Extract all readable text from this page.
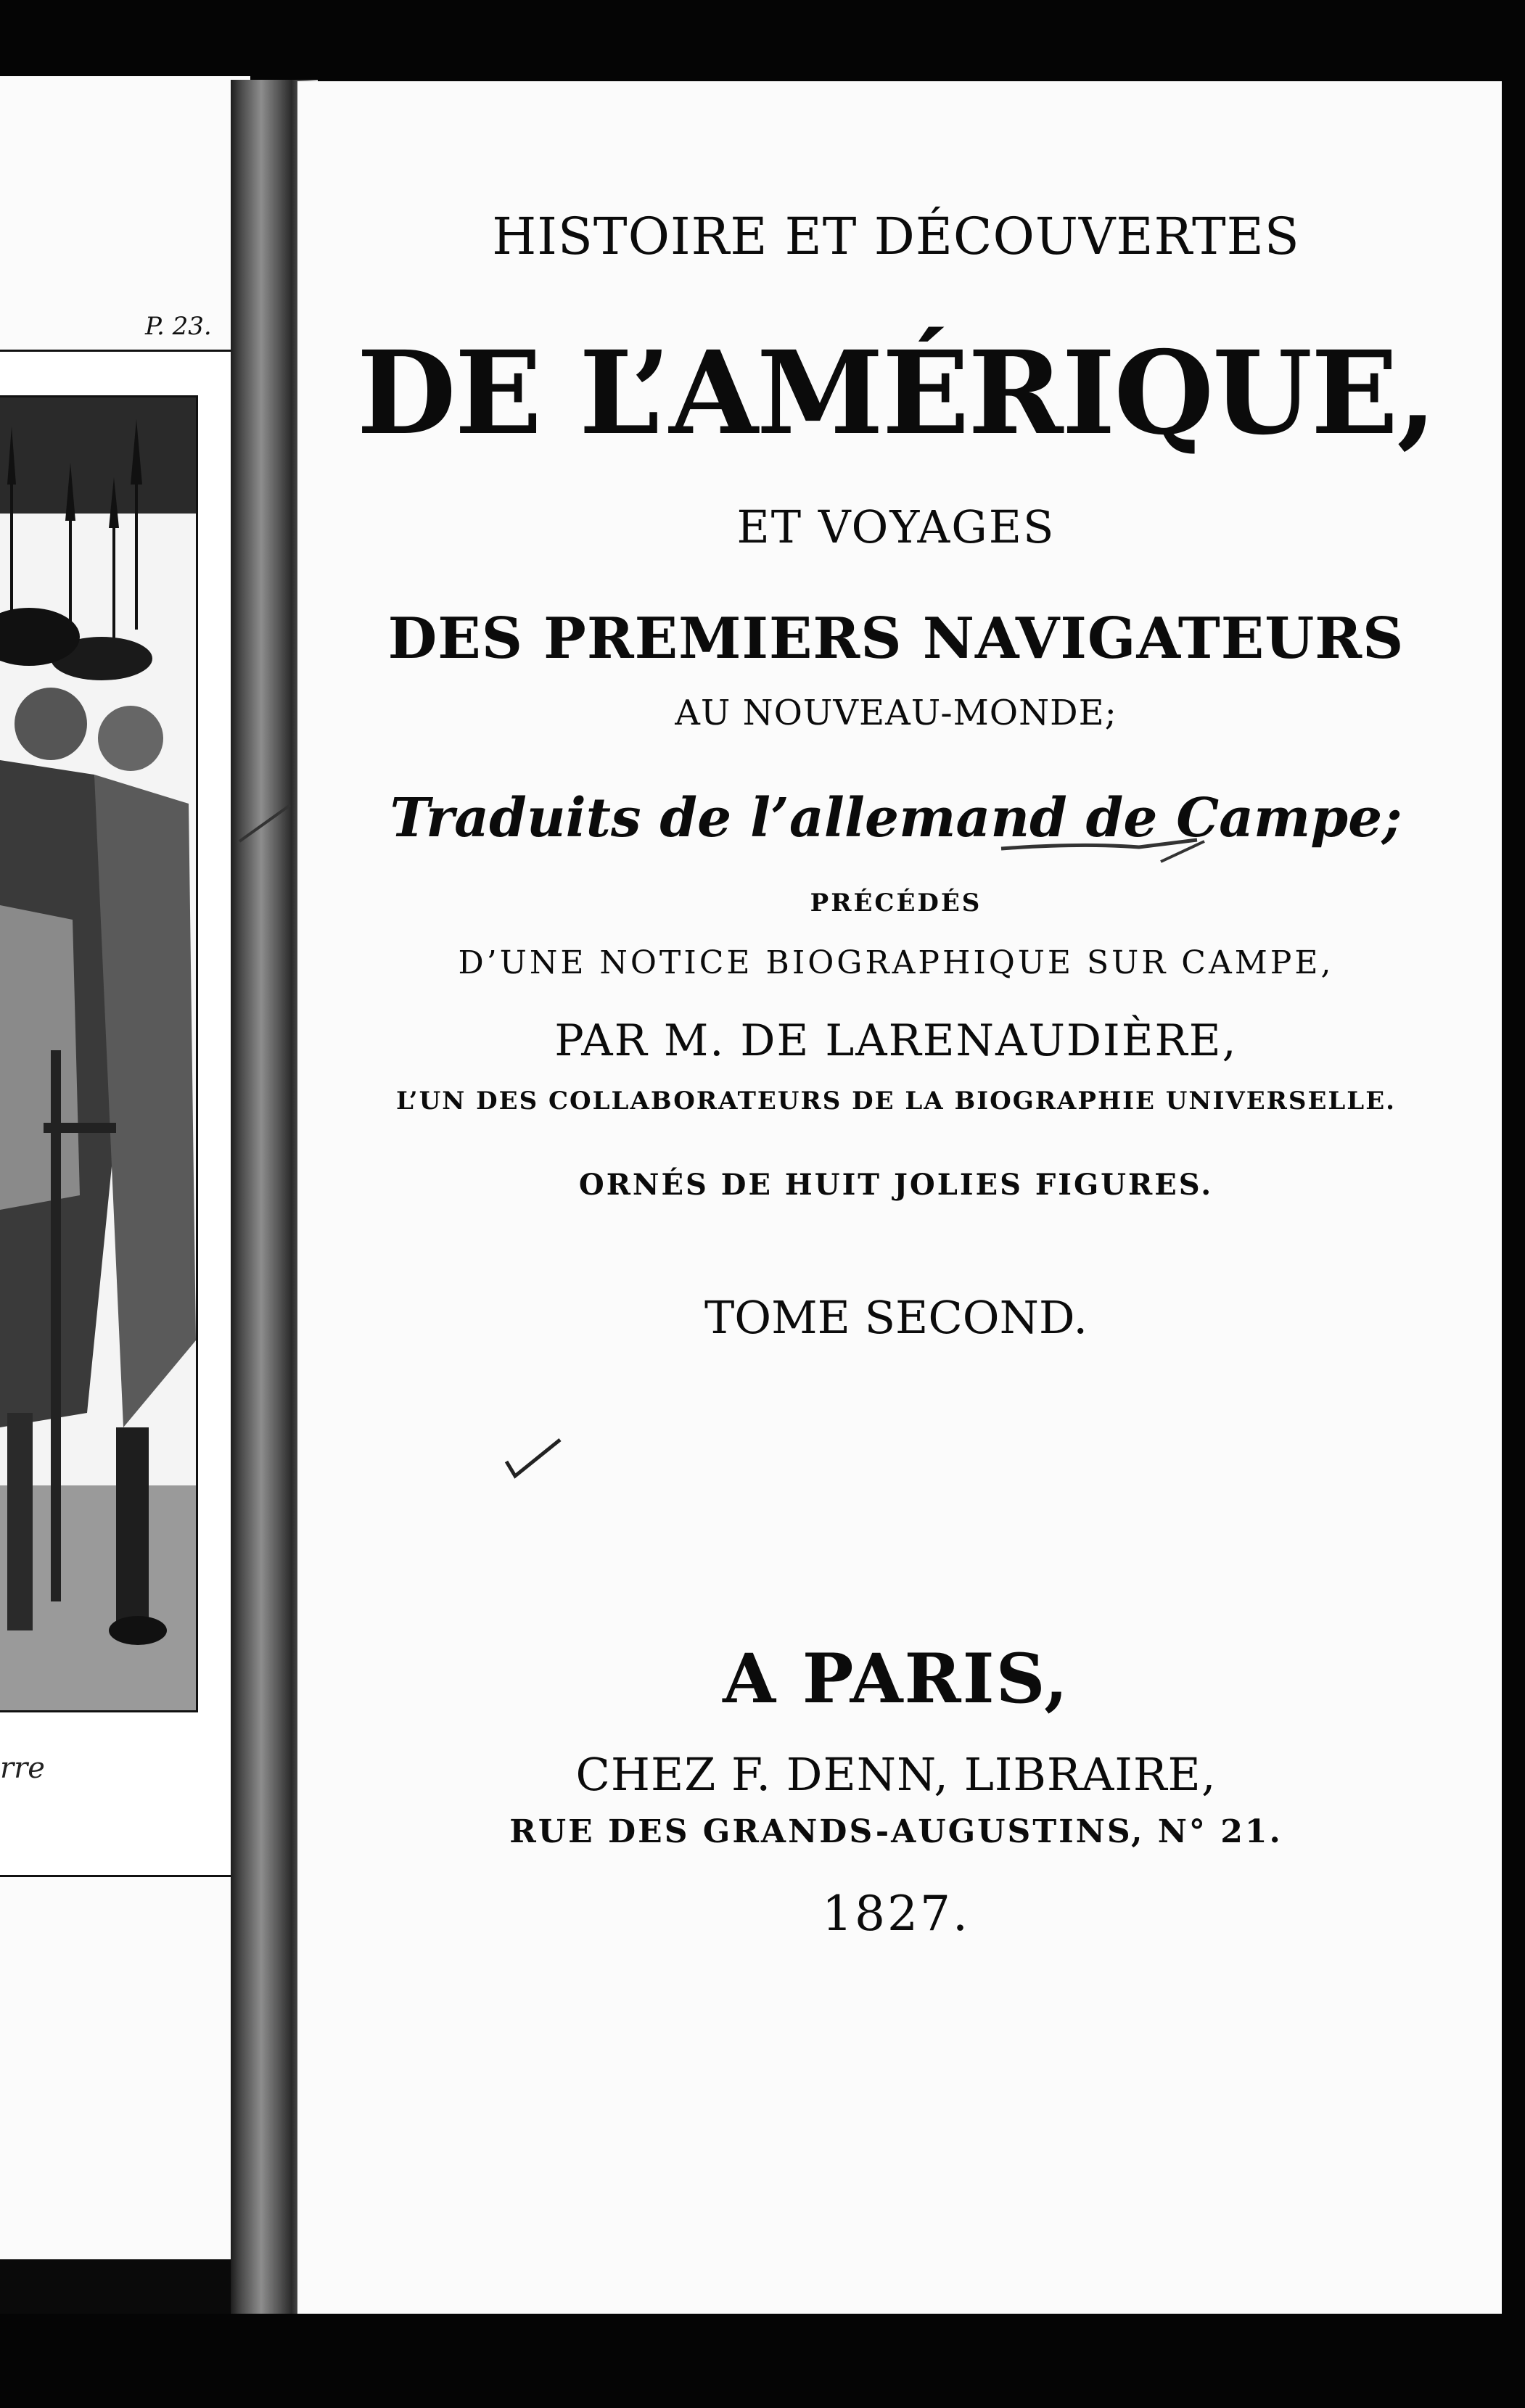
P. 23.
rre
HISTOIRE ET DÉCOUVERTES
DE L’AMÉRIQUE,
ET VOYAGES
DES PREMIERS NAVIGATEURS
AU NOUVEAU-MONDE;
Traduits de l’allemand de Campe;
PRÉCÉDÉS
D’UNE NOTICE BIOGRAPHIQUE SUR CAMPE,
PAR M. DE LARENAUDIÈRE,
L’UN DES COLLABORATEURS DE LA BIOGRAPHIE UNIVERSELLE.
ORNÉS DE HUIT JOLIES FIGURES.
TOME SECOND.
A PARIS,
CHEZ F. DENN, LIBRAIRE,
RUE DES GRANDS-AUGUSTINS, N° 21.
1827.
